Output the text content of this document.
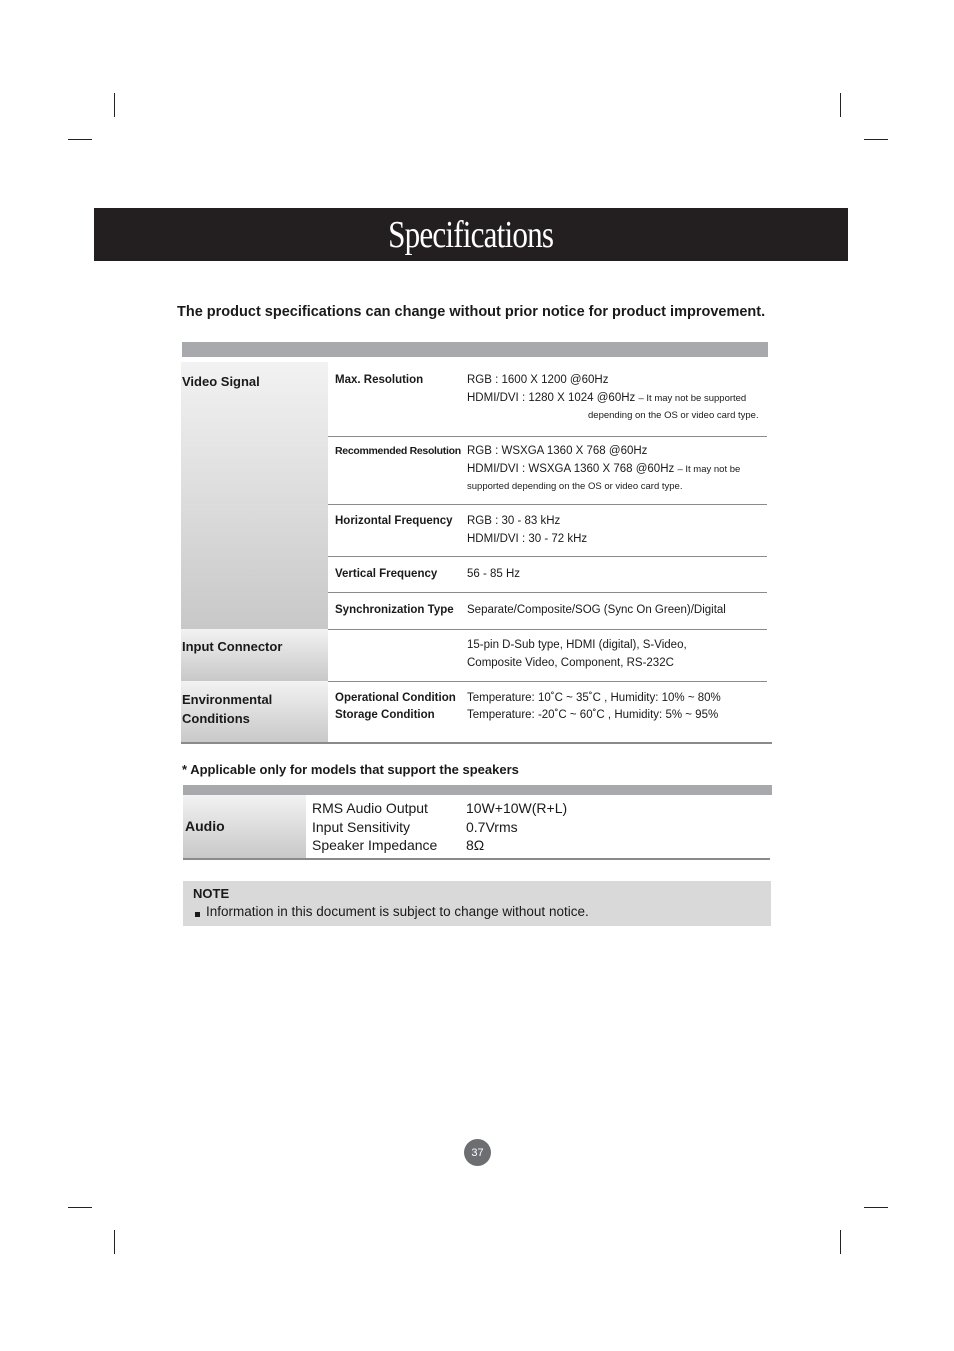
Specifications
The product specifications can change without prior notice for product improvement.
Video Signal
Input Connector
Environmental
Conditions
Max. Resolution	RGB : 1600 X 1200 @60Hz
HDMI/DVI : 1280 X 1024 @60Hz – It may not be supported
depending on the OS or video card type.
Recommended Resolution RGB : WSXGA 1360 X 768 @60Hz
HDMI/DVI : WSXGA 1360 X 768 @60Hz – It may not be
supported depending on the OS or video card type.
Horizontal Frequency RGB : 30 - 83 kHz
HDMI/DVI : 30 - 72 kHz
Vertical Frequency	56 - 85 Hz
Synchronization Type Separate/Composite/SOG (Sync On Green)/Digital
15-pin D-Sub type, HDMI (digital), S-Video,
Composite Video, Component, RS-232C
Operational Condition
Storage Condition
Temperature: 10˚C ~ 35˚C , Humidity: 10% ~ 80%
Temperature: -20˚C ~ 60˚C , Humidity: 5% ~ 95%
* Applicable only for models that support the speakers
Audio
RMS Audio Output
Input Sensitivity
Speaker Impedance
10W+10W(R+L)
0.7Vrms
8Ω
NOTE
Information in this document is subject to change without notice.
37
